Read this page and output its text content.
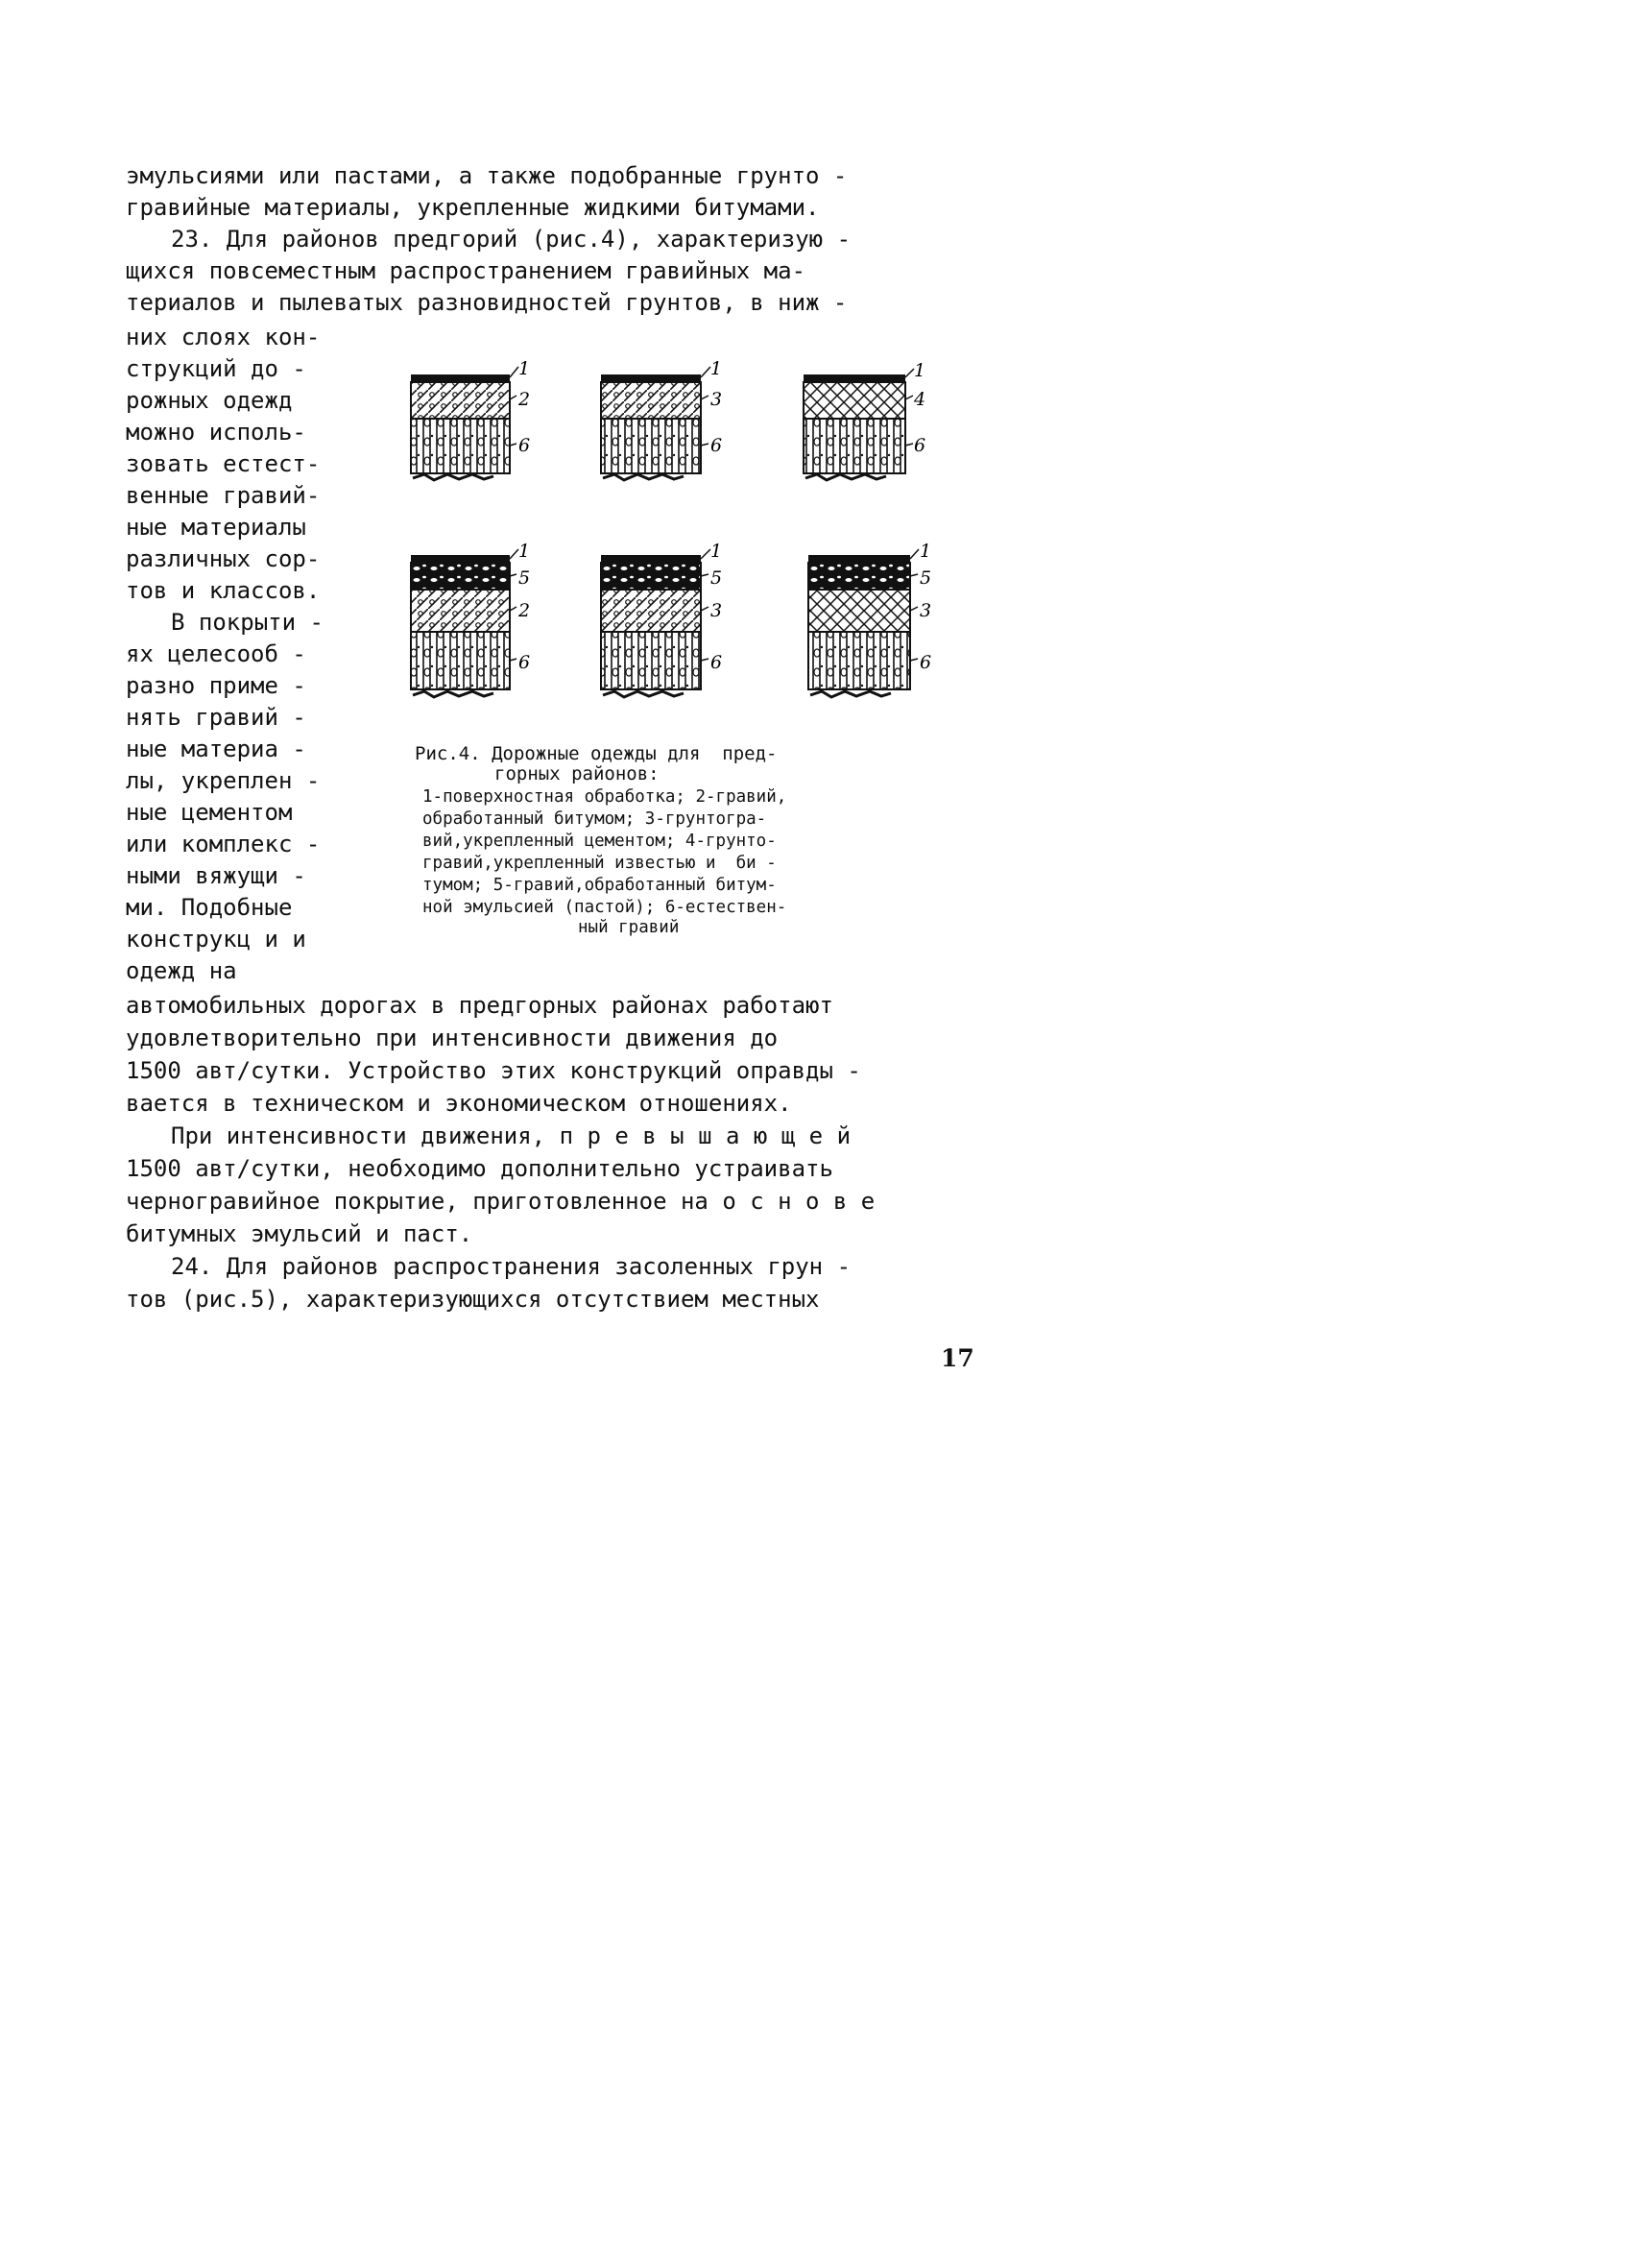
эмульсиями или пастами, а также подобранные грунто -
гравийные материалы, укрепленные жидкими битумами.
23. Для районов предгорий (рис.4), характеризую -
щихся повсеместным распространением гравийных ма-
териалов и пылеватых разновидностей грунтов, в ниж -
них слоях кон-
струкций до -
рожных одежд
можно исполь-
зовать естест-
венные гравий-
ные материалы
различных сор-
тов и классов.
В покрыти -
ях целесооб -
разно приме -
нять гравий -
ные материа -
лы, укреплен -
ные цементом
или комплекс -
ными вяжущи -
ми. Подобные
конструкц и и
одежд на
1
2
6
1
3
6
1
4
6
1
5
2
6
1
5
3
6
1
5
3
6
Рис.4. Дорожные одежды для  пред-
горных районов:
1-поверхностная обработка; 2-гравий,
обработанный битумом; 3-грунтогра-
вий,укрепленный цементом; 4-грунто-
гравий,укрепленный известью и  би -
тумом; 5-гравий,обработанный битум-
ной эмульсией (пастой); 6-естествен-
ный гравий
автомобильных дорогах в предгорных районах работают
удовлетворительно при интенсивности движения до
1500 авт/сутки. Устройство этих конструкций оправды -
вается в техническом и экономическом отношениях.
При интенсивности движения, п р е в ы ш а ю щ е й
1500 авт/сутки, необходимо дополнительно устраивать
черногравийное покрытие, приготовленное на о с н о в е
битумных эмульсий и паст.
24. Для районов распространения засоленных грун -
тов (рис.5), характеризующихся отсутствием местных
17
